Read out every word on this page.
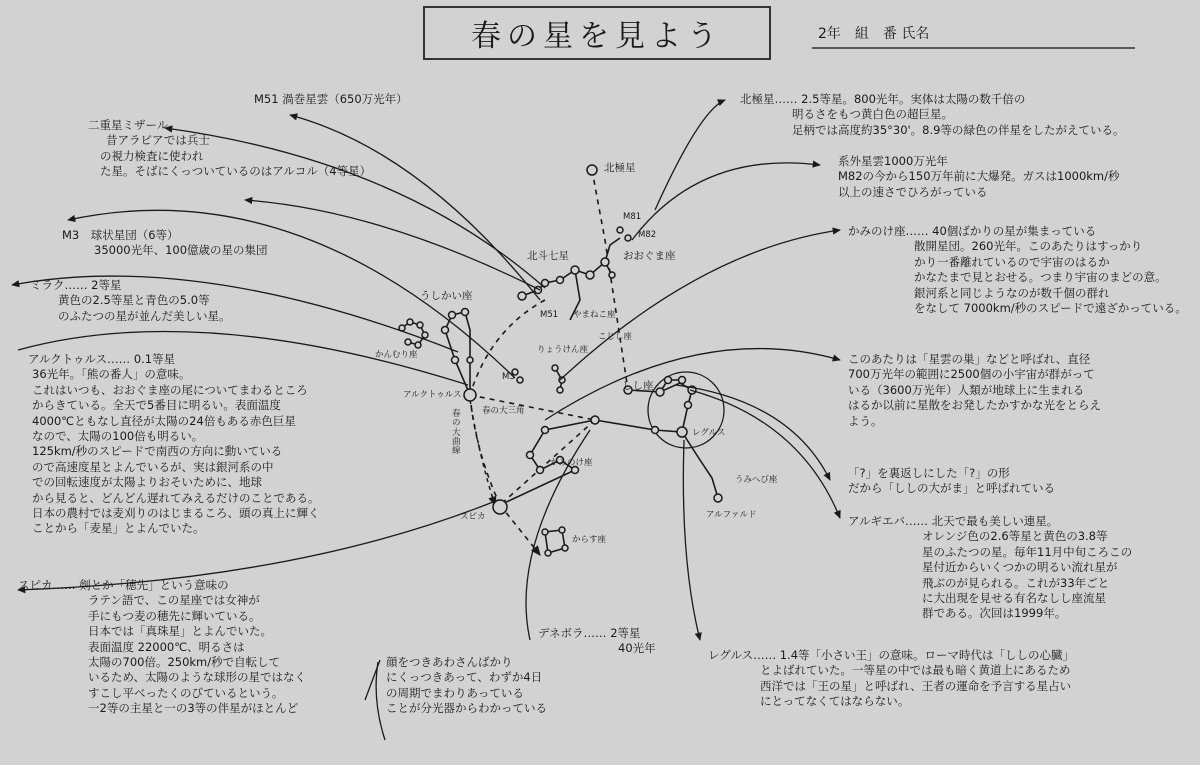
春の星を見よう	2年　組　番 氏名
北極星
M81
M82
北斗七星	おおぐま座
M51 やまねこ座
こじし座
りょうけん座
M3
うしかい座
かんむり座
アルクトゥルス
春の大三角
春の大曲線
しし座
レグルス
かみのけ座
スピカ
からす座
うみへび座
アルファルド
M51 渦巻星雲（650万光年）
二重星ミザール
昔アラビアでは兵士
の視力検査に使われ
た星。そばにくっついているのはアルコル（4等星）
M3　球状星団（6等）
35000光年、100億歳の星の集団
ミラク…… 2等星
黄色の2.5等星と青色の5.0等
のふたつの星が並んだ美しい星。
アルクトゥルス…… 0.1等星
36光年。「熊の番人」の意味。
これはいつも、おおぐま座の尾についてまわるところ
からきている。全天で5番目に明るい。表面温度
4000℃ともなし直径が太陽の24倍もある赤色巨星
なので、太陽の100倍も明るい。
125km/秒のスピードで南西の方向に動いている
ので高速度星とよんでいるが、実は銀河系の中
での回転速度が太陽よりおそいために、地球
から見ると、どんどん遅れてみえるだけのことである。
日本の農村では麦刈りのはじまるころ、頭の真上に輝く
ことから「麦星」とよんでいた。
スピカ…… 剣とか「穂先」という意味の
ラテン語で、この星座では女神が
手にもつ麦の穂先に輝いている。
日本では「真珠星」とよんでいた。
表面温度 22000℃、明るさは
太陽の700倍。250km/秒で自転して
いるため、太陽のような球形の星ではなく
すこし平べったくのびているという。
一2等の主星と一の3等の伴星がほとんど
デネボラ…… 2等星
40光年
顔をつきあわさんばかり
にくっつきあって、わずか4日
の周期でまわりあっている
ことが分光器からわかっている
北極星…… 2.5等星。800光年。実体は太陽の数千倍の
明るさをもつ黄白色の超巨星。
足柄では高度約35°30'。8.9等の緑色の伴星をしたがえている。
系外星雲1000万光年
M82の今から150万年前に大爆発。ガスは1000km/秒
以上の速さでひろがっている
かみのけ座…… 40個ばかりの星が集まっている
散開星団。260光年。このあたりはすっかり
かり一番離れているので宇宙のはるか
かなたまで見とおせる。つまり宇宙のまどの意。
銀河系と同じようなのが数千個の群れ
をなして 7000km/秒のスピードで遠ざかっている。
このあたりは「星雲の巣」などと呼ばれ、直径
700万光年の範囲に2500個の小宇宙が群がって
いる（3600万光年）人類が地球上に生まれる
はるか以前に星散をお発したかすかな光をとらえ
よう。
「?」を裏返しにした「?」の形
だから「ししの大がま」と呼ばれている
アルギエバ…… 北天で最も美しい連星。
オレンジ色の2.6等星と黄色の3.8等
星のふたつの星。毎年11月中旬ころこの
星付近からいくつかの明るい流れ星が
飛ぶのが見られる。これが33年ごと
に大出現を見せる有名なしし座流星
群である。次回は1999年。
レグルス…… 1.4等「小さい王」の意味。ローマ時代は「ししの心臓」
とよばれていた。一等星の中では最も暗く黄道上にあるため
西洋では「王の星」と呼ばれ、王者の運命を予言する星占い
にとってなくてはならない。
